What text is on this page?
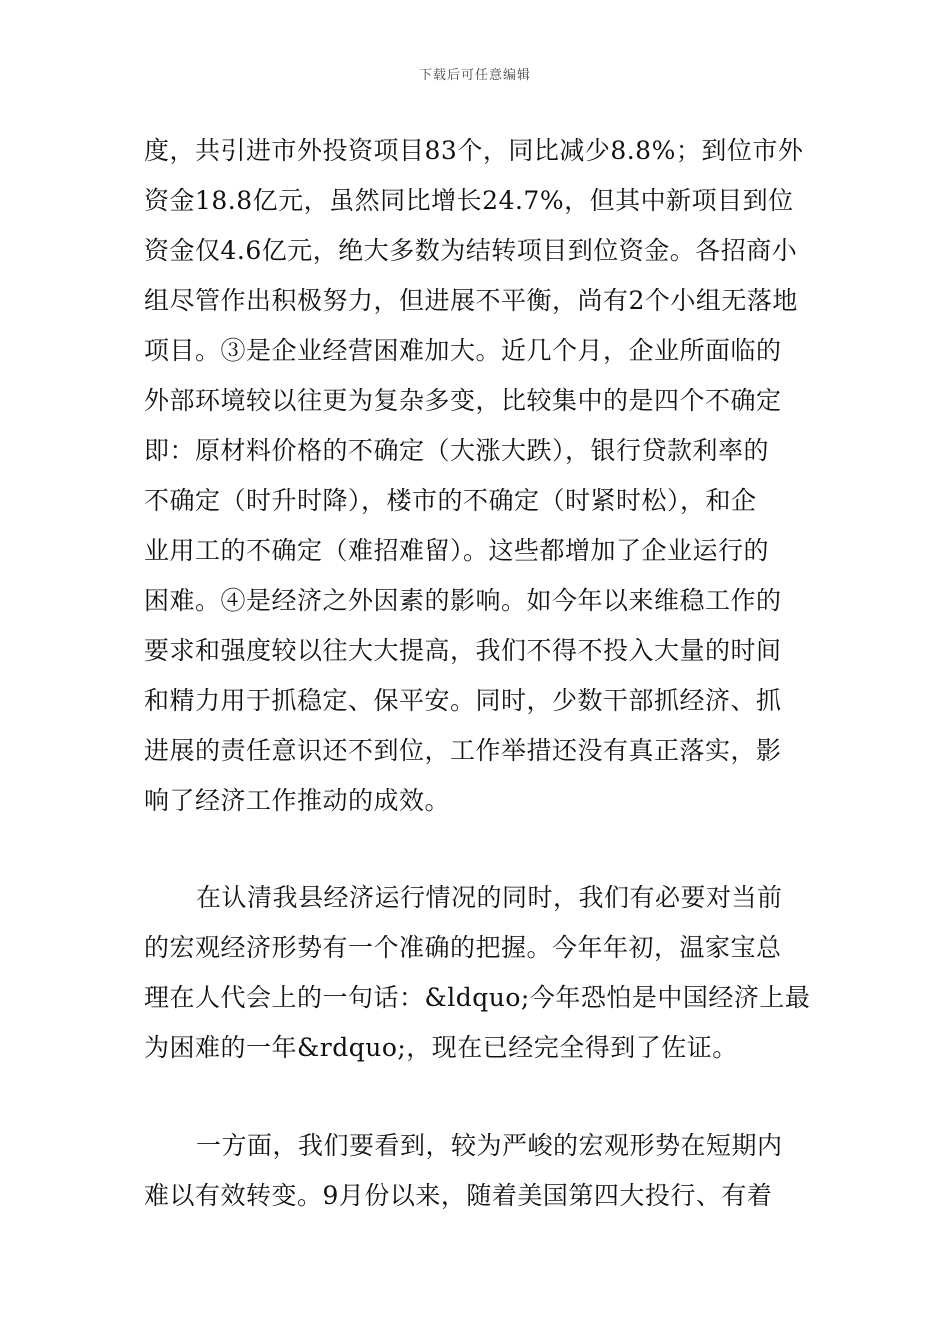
下载后可任意编辑
度，共引进市外投资项目83个，同比减少8.8%；到位市外
资金18.8亿元，虽然同比增长24.7%，但其中新项目到位
资金仅4.6亿元，绝大多数为结转项目到位资金。各招商小
组尽管作出积极努力，但进展不平衡，尚有2个小组无落地
项目。③是企业经营困难加大。近几个月，企业所面临的
外部环境较以往更为复杂多变，比较集中的是四个不确定
即：原材料价格的不确定（大涨大跌），银行贷款利率的
不确定（时升时降），楼市的不确定（时紧时松），和企
业用工的不确定（难招难留）。这些都增加了企业运行的
困难。④是经济之外因素的影响。如今年以来维稳工作的
要求和强度较以往大大提高，我们不得不投入大量的时间
和精力用于抓稳定、保平安。同时，少数干部抓经济、抓
进展的责任意识还不到位，工作举措还没有真正落实，影
响了经济工作推动的成效。
在认清我县经济运行情况的同时，我们有必要对当前
的宏观经济形势有一个准确的把握。今年年初，温家宝总
理在人代会上的一句话：&ldquo;今年恐怕是中国经济上最
为困难的一年&rdquo;，现在已经完全得到了佐证。
一方面，我们要看到，较为严峻的宏观形势在短期内
难以有效转变。9月份以来，随着美国第四大投行、有着
